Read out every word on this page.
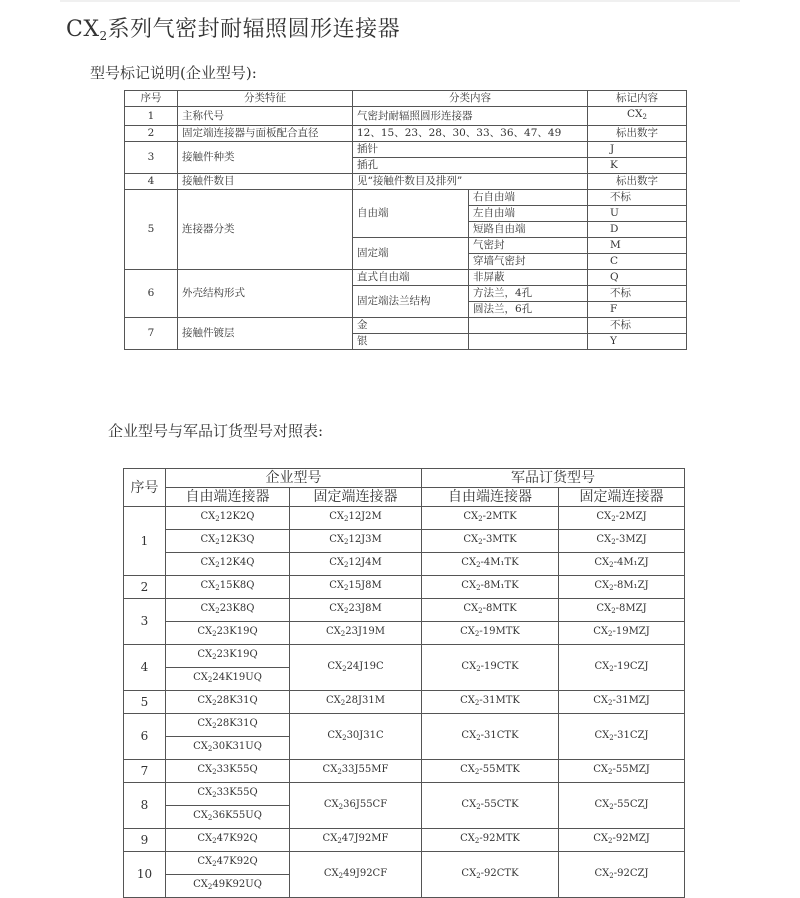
$CX_2$系列气密封耐辐照圆形连接器
型号标记说明(企业型号):
序号	分类特征	分类内容		标记内容
1	主称代号	气密封耐辐照圆形连接器		$CX_2$
2	固定端连接器与面板配合直径	12、15、23、28、30、33、36、47、49		标出数字
3	接触件种类	插针		J
		插孔		K
4	接触件数目	见“接触件数目及排列”		标出数字
5	连接器分类	自由端	右自由端	不标
			左自由端	U
			短路自由端	D
		固定端	气密封	M
			穿墙气密封	C
6	外壳结构形式	直式自由端	非屏蔽	Q
		固定端法兰结构	方法兰，4孔	不标
			圆法兰，6孔	F
7	接触件镀层	金		不标
		银		Y
企业型号与军品订货型号对照表:
序号	企业型号		军品订货型号	
	自由端连接器	固定端连接器	自由端连接器	固定端连接器
1	$CX_212K2Q$	$CX_212J2M$	$CX_2-2MTK$	$CX_2-2MZJ$
	$CX_212K3Q$	$CX_212J3M$	$CX_2-3MTK$	$CX_2-3MZJ$
	$CX_212K4Q$	$CX_212J4M$	$CX_2-4M_1TK$	$CX_2-4M_1ZJ$
2	$CX_215K8Q$	$CX_215J8M$	$CX_2-8M_1TK$	$CX_2-8M_1ZJ$
3	$CX_223K8Q$	$CX_223J8M$	$CX_2-8MTK$	$CX_2-8MZJ$
	$CX_223K19Q$	$CX_223J19M$	$CX_2-19MTK$	$CX_2-19MZJ$
4	$CX_223K19Q$	$CX_224J19C$	$CX_2-19CTK$	$CX_2-19CZJ$
	$CX_224K19UQ$			
5	$CX_228K31Q$	$CX_228J31M$	$CX_2-31MTK$	$CX_2-31MZJ$
6	$CX_228K31Q$	$CX_230J31C$	$CX_2-31CTK$	$CX_2-31CZJ$
	$CX_230K31UQ$			
7	$CX_233K55Q$	$CX_233J55MF$	$CX_2-55MTK$	$CX_2-55MZJ$
8	$CX_233K55Q$	$CX_236J55CF$	$CX_2-55CTK$	$CX_2-55CZJ$
	$CX_236K55UQ$			
9	$CX_247K92Q$	$CX_247J92MF$	$CX_2-92MTK$	$CX_2-92MZJ$
10	$CX_247K92Q$	$CX_249J92CF$	$CX_2-92CTK$	$CX_2-92CZJ$
	$CX_249K92UQ$			
